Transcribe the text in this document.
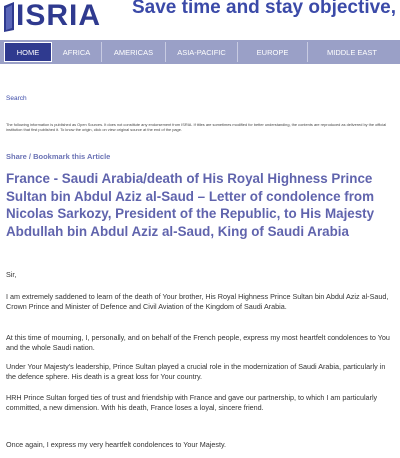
ISRIA Save time and stay objective,
HOME	AFRICA	AMERICAS	ASIA-PACIFIC	EUROPE	MIDDLE EAST
Search
The following information is published as Open Sources. It does not constitute any endorsement from ISRIA. If titles are sometimes modified for better understanding, the contents are reproduced as delivered by the official institution that first published it. To know the origin, click on view original source at the end of the page.
Share / Bookmark this Article
France - Saudi Arabia/death of His Royal Highness Prince Sultan bin Abdul Aziz al-Saud – Letter of condolence from Nicolas Sarkozy, President of the Republic, to His Majesty Abdullah bin Abdul Aziz al-Saud, King of Saudi Arabia

Sir,

I am extremely saddened to learn of the death of Your brother, His Royal Highness Prince Sultan bin Abdul Aziz al-Saud, Crown Prince and Minister of Defence and Civil Aviation of the Kingdom of Saudi Arabia.

At this time of mourning, I, personally, and on behalf of the French people, express my most heartfelt condolences to You and the whole Saudi nation.

Under Your Majesty's leadership, Prince Sultan played a crucial role in the modernization of Saudi Arabia, particularly in the defence sphere. His death is a great loss for Your country.

HRH Prince Sultan forged ties of trust and friendship with France and gave our partnership, to which I am particularly committed, a new dimension. With his death, France loses a loyal, sincere friend.

Once again, I express my very heartfelt condolences to Your Majesty.
